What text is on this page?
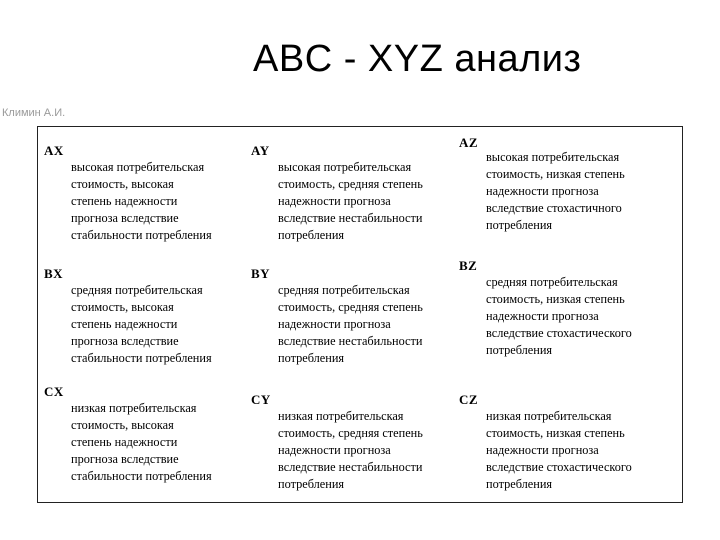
ABC - XYZ анализ
Климин А.И.
AX
высокая потребительская
стоимость, высокая
степень надежности
прогноза вследствие
стабильности потребления
AY
высокая потребительская
стоимость, средняя степень
надежности прогноза
вследствие нестабильности
потребления
AZ
высокая потребительская
стоимость, низкая степень
надежности прогноза
вследствие стохастичного
потребления
BX
средняя потребительская
стоимость, высокая
степень надежности
прогноза вследствие
стабильности потребления
BY
средняя потребительская
стоимость, средняя степень
надежности прогноза
вследствие нестабильности
потребления
BZ
средняя потребительская
стоимость, низкая степень
надежности прогноза
вследствие стохастического
потребления
CX
низкая потребительская
стоимость, высокая
степень надежности
прогноза вследствие
стабильности потребления
CY
низкая потребительская
стоимость, средняя степень
надежности прогноза
вследствие нестабильности
потребления
CZ
низкая потребительская
стоимость, низкая степень
надежности прогноза
вследствие стохастического
потребления
